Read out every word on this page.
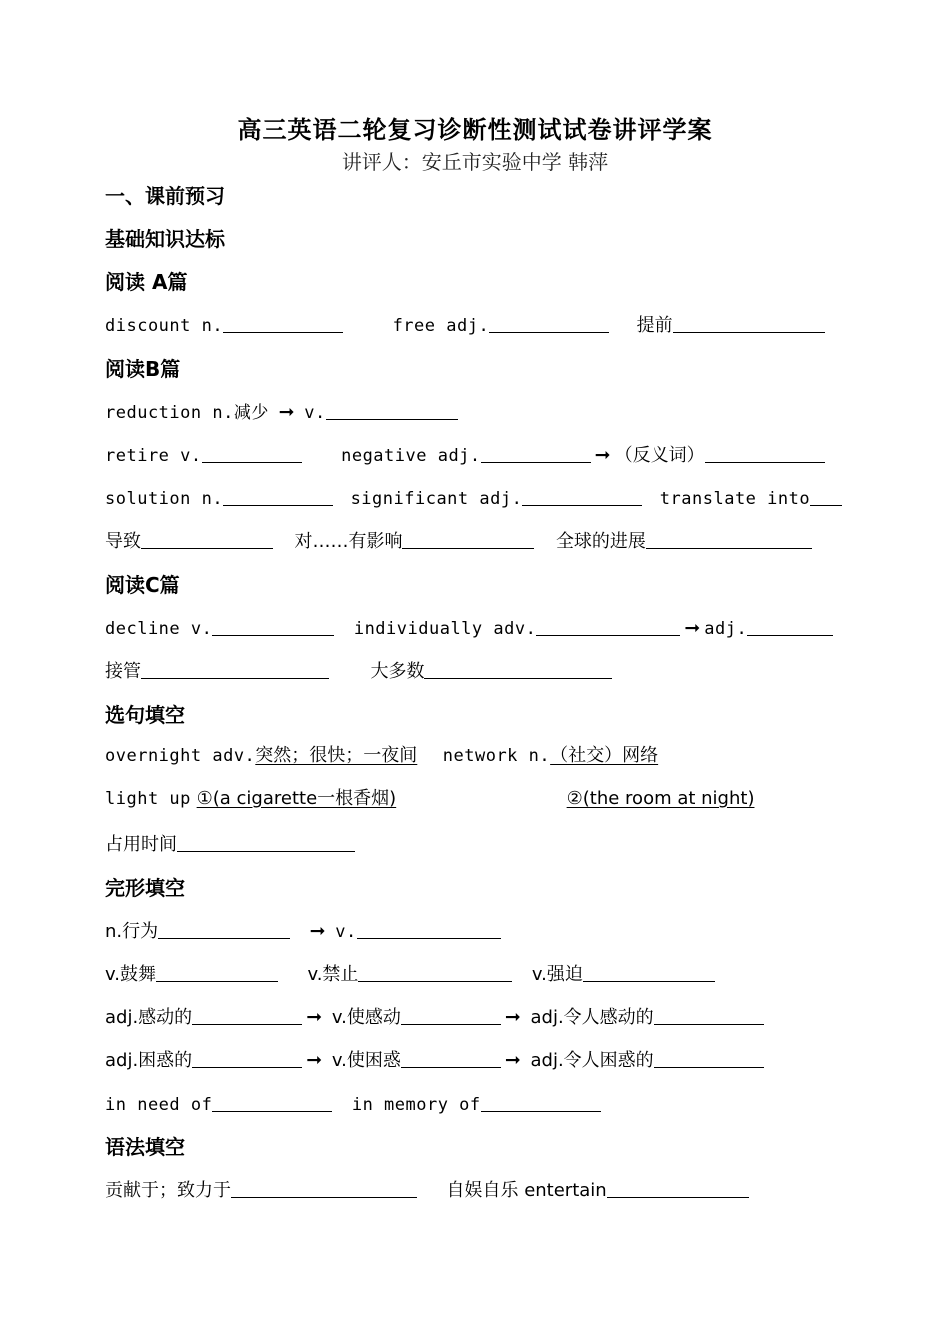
高三英语二轮复习诊断性测试试卷讲评学案
讲评人：安丘市实验中学 韩萍
一、课前预习
基础知识达标
阅读 A篇
discount n.	free adj.	提前
阅读B篇
reduction n.减少 ➞ v.
retire v.	negative adj.	➞ （反义词）
solution n.	significant adj.	translate into
导致	对……有影响	全球的进展
阅读C篇
decline v.	individually adv.	➞ adj.
接管	大多数
选句填空
overnight adv.突然；很快；一夜间  network n.（社交）网络
light up ①(a cigarette一根香烟)	②(the room at night)
占用时间
完形填空
n.行为	➞ v.
v.鼓舞	v.禁止	v.强迫
adj.感动的	➞ v.使感动	➞ adj.令人感动的
adj.困惑的	➞ v.使困惑	➞ adj.令人困惑的
in need of	in memory of
语法填空
贡献于；致力于	自娱自乐 entertain
